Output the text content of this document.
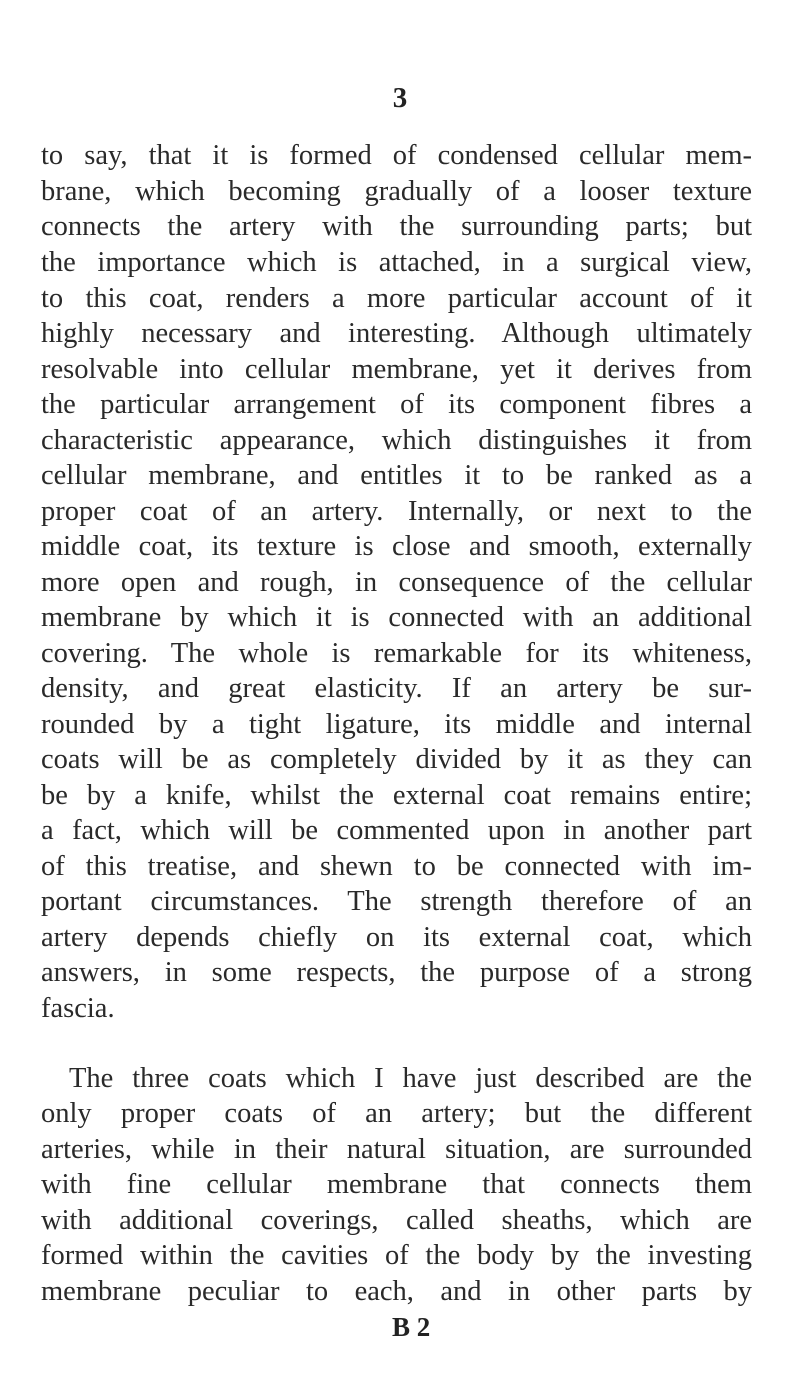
3
to say, that it is formed of condensed cellular mem-
brane, which becoming gradually of a looser texture
connects the artery with the surrounding parts; but
the importance which is attached, in a surgical view,
to this coat, renders a more particular account of it
highly necessary and interesting. Although ultimately
resolvable into cellular membrane, yet it derives from
the particular arrangement of its component fibres a
characteristic appearance, which distinguishes it from
cellular membrane, and entitles it to be ranked as a
proper coat of an artery. Internally, or next to the
middle coat, its texture is close and smooth, externally
more open and rough, in consequence of the cellular
membrane by which it is connected with an additional
covering. The whole is remarkable for its whiteness,
density, and great elasticity. If an artery be sur-
rounded by a tight ligature, its middle and internal
coats will be as completely divided by it as they can
be by a knife, whilst the external coat remains entire;
a fact, which will be commented upon in another part
of this treatise, and shewn to be connected with im-
portant circumstances. The strength therefore of an
artery depends chiefly on its external coat, which
answers, in some respects, the purpose of a strong
fascia.
The three coats which I have just described are the
only proper coats of an artery; but the different
arteries, while in their natural situation, are surrounded
with fine cellular membrane that connects them
with additional coverings, called sheaths, which are
formed within the cavities of the body by the investing
membrane peculiar to each, and in other parts by
B 2
